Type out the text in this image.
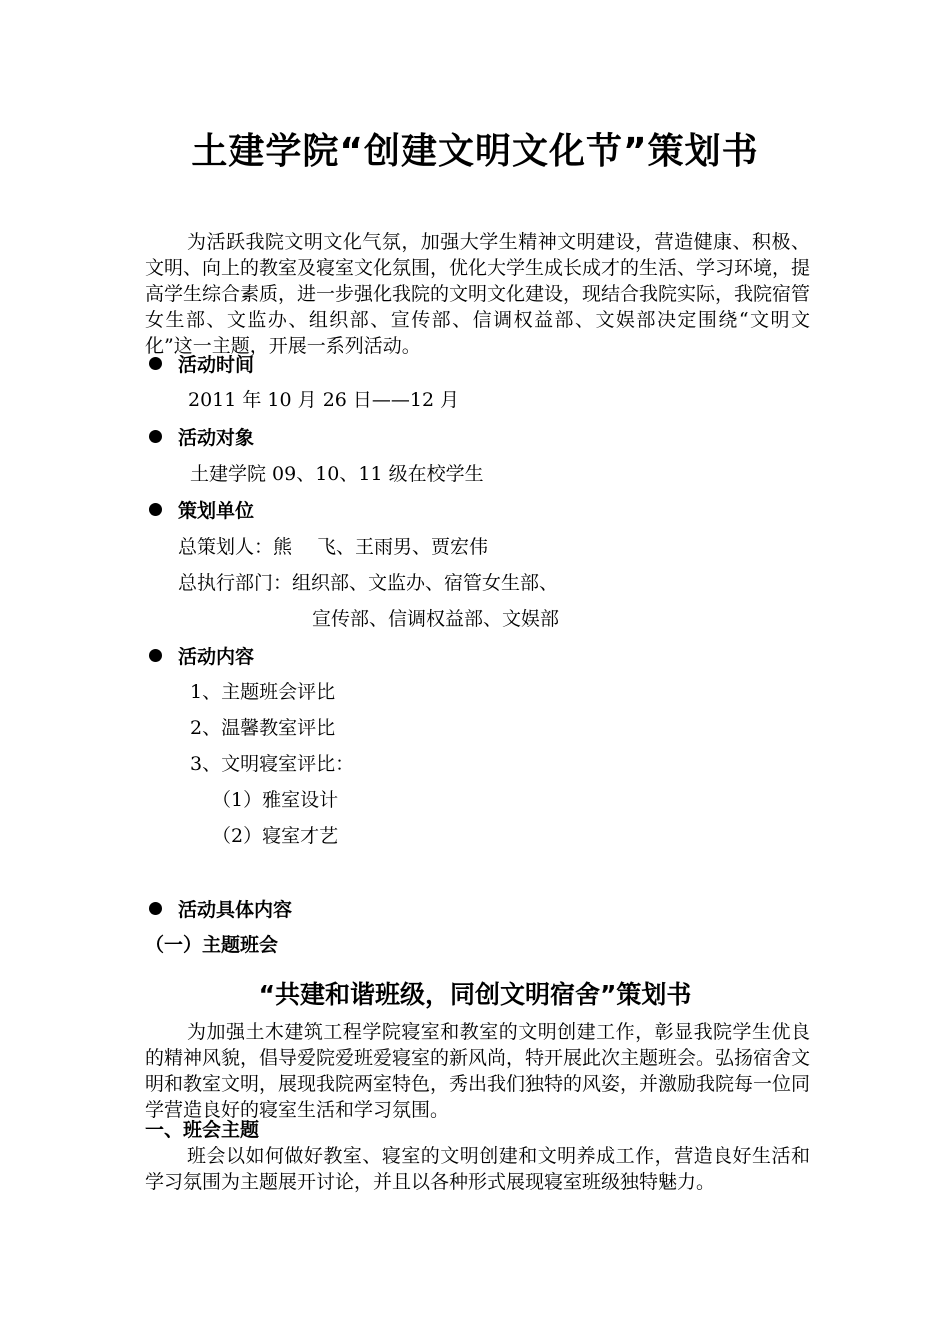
土建学院“创建文明文化节”策划书
为活跃我院文明文化气氛，加强大学生精神文明建设，营造健康、积极、文明、向上的教室及寝室文化氛围，优化大学生成长成才的生活、学习环境，提高学生综合素质，进一步强化我院的文明文化建设，现结合我院实际，我院宿管女生部、文监办、组织部、宣传部、信调权益部、文娱部决定围绕“文明文化”这一主题，开展一系列活动。
活动时间
2011 年 10 月 26 日——12 月
活动对象
土建学院 09、10、11 级在校学生
策划单位
总策划人：熊　 飞、王雨男、贾宏伟
总执行部门：组织部、文监办、宿管女生部、
宣传部、信调权益部、文娱部
活动内容
1、主题班会评比
2、温馨教室评比
3、文明寝室评比：
（1）雅室设计
（2）寝室才艺
活动具体内容
（一）主题班会
“共建和谐班级，同创文明宿舍”策划书
为加强土木建筑工程学院寝室和教室的文明创建工作，彰显我院学生优良的精神风貌，倡导爱院爱班爱寝室的新风尚，特开展此次主题班会。弘扬宿舍文明和教室文明，展现我院两室特色，秀出我们独特的风姿，并激励我院每一位同学营造良好的寝室生活和学习氛围。
一、班会主题
班会以如何做好教室、寝室的文明创建和文明养成工作，营造良好生活和学习氛围为主题展开讨论，并且以各种形式展现寝室班级独特魅力。
